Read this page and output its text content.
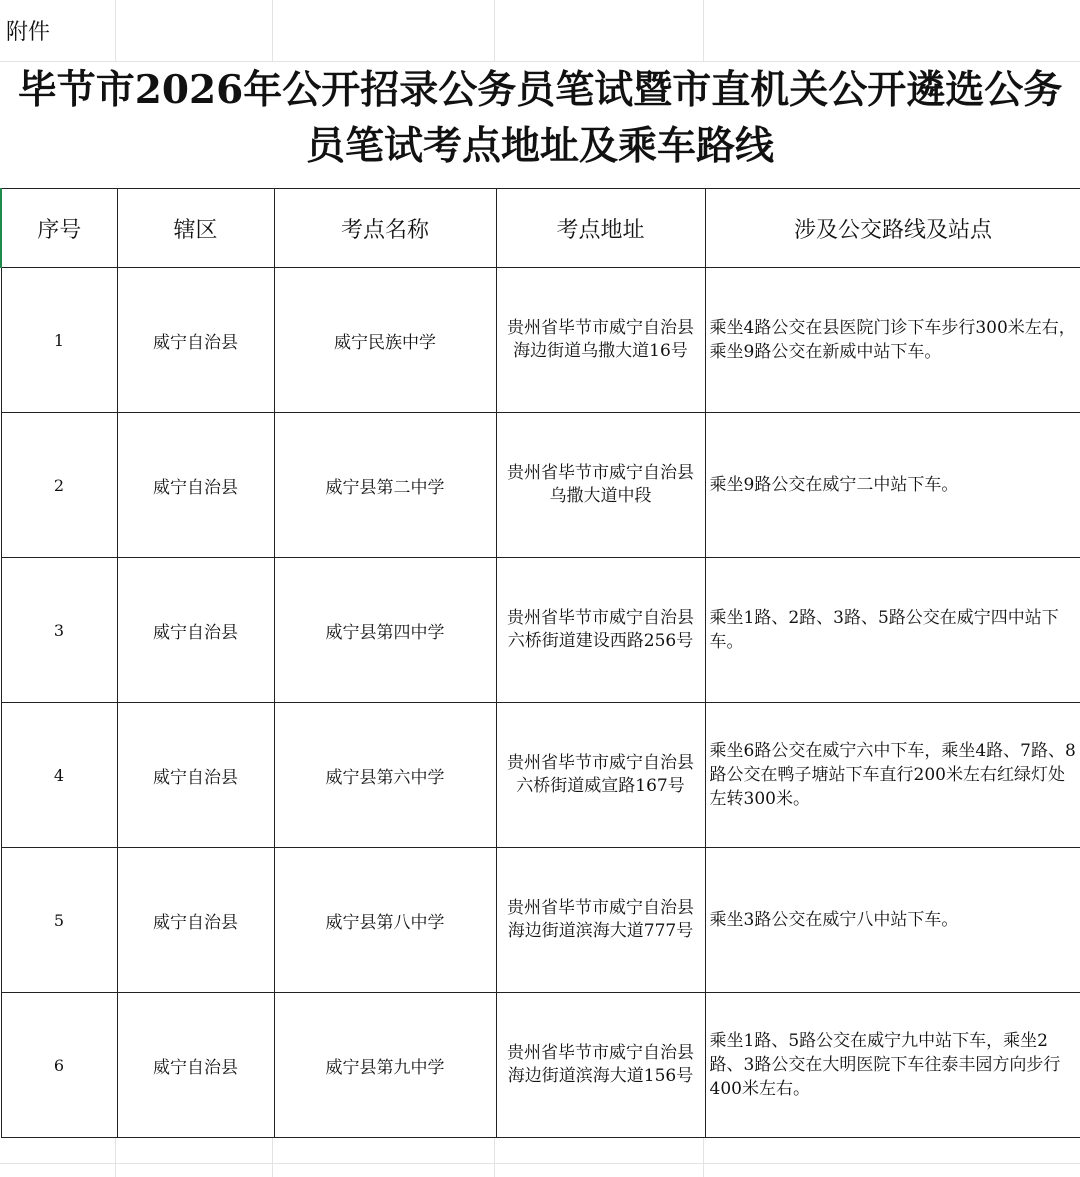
附件
毕节市2026年公开招录公务员笔试暨市直机关公开遴选公务
员笔试考点地址及乘车路线
序号	辖区	考点名称	考点地址	涉及公交路线及站点
1	威宁自治县	威宁民族中学	贵州省毕节市威宁自治县海边街道乌撒大道16号	乘坐4路公交在县医院门诊下车步行300米左右，乘坐9路公交在新威中站下车。
2	威宁自治县	威宁县第二中学	贵州省毕节市威宁自治县乌撒大道中段	乘坐9路公交在威宁二中站下车。
3	威宁自治县	威宁县第四中学	贵州省毕节市威宁自治县六桥街道建设西路256号	乘坐1路、2路、3路、5路公交在威宁四中站下车。
4	威宁自治县	威宁县第六中学	贵州省毕节市威宁自治县六桥街道威宣路167号	乘坐6路公交在威宁六中下车，乘坐4路、7路、8路公交在鸭子塘站下车直行200米左右红绿灯处左转300米。
5	威宁自治县	威宁县第八中学	贵州省毕节市威宁自治县海边街道滨海大道777号	乘坐3路公交在威宁八中站下车。
6	威宁自治县	威宁县第九中学	贵州省毕节市威宁自治县海边街道滨海大道156号	乘坐1路、5路公交在威宁九中站下车，乘坐2路、3路公交在大明医院下车往泰丰园方向步行400米左右。
